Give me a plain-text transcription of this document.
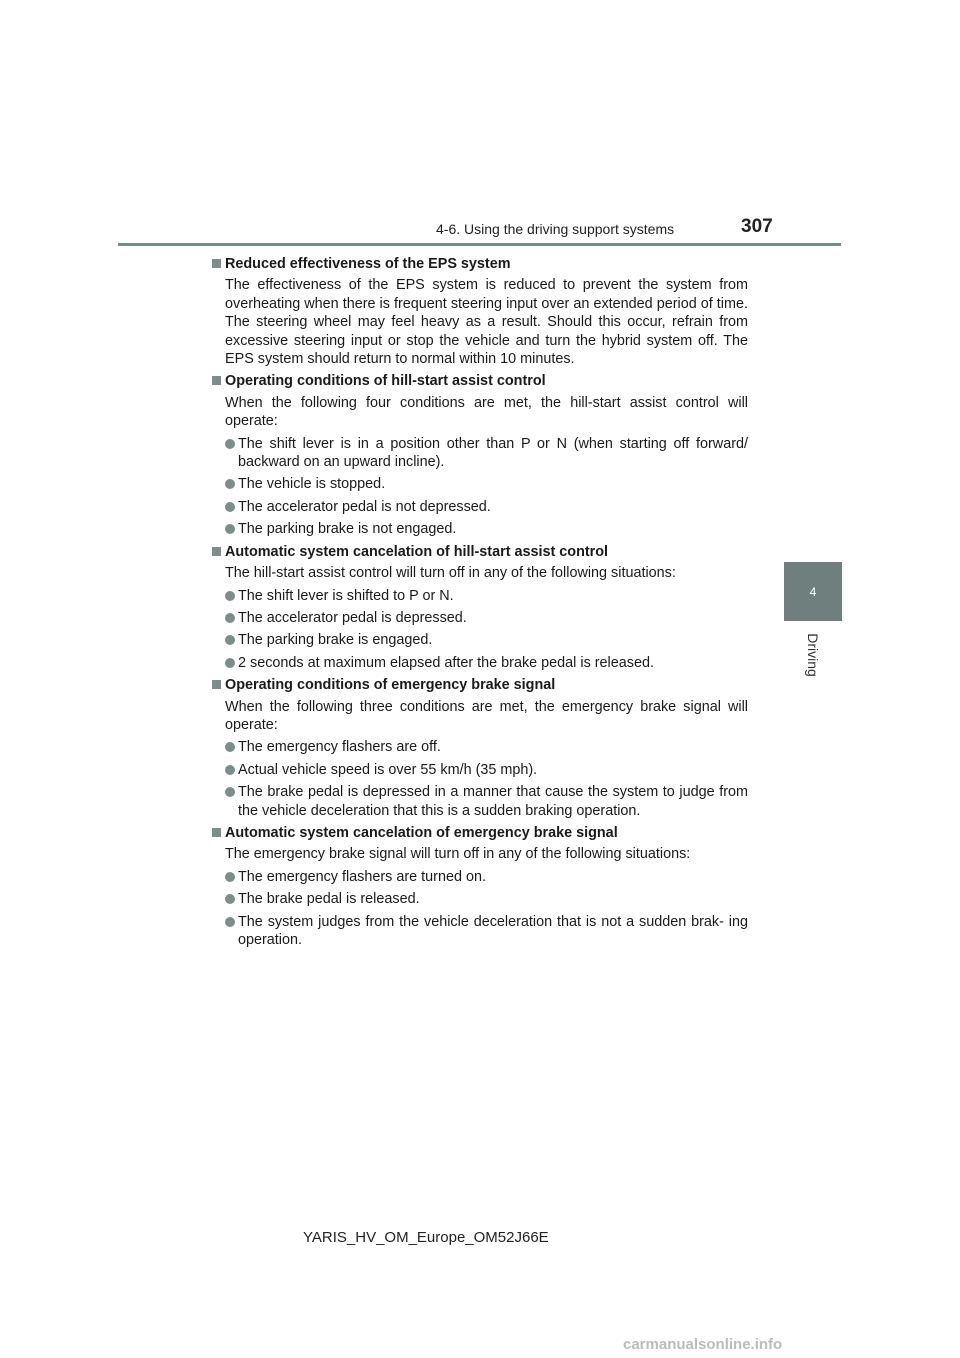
4-6. Using the driving support systems	307
4
Driving
Reduced effectiveness of the EPS system
The effectiveness of the EPS system is reduced to prevent the system from overheating when there is frequent steering input over an extended period of time. The steering wheel may feel heavy as a result. Should this occur, refrain from excessive steering input or stop the vehicle and turn the hybrid system off. The EPS system should return to normal within 10 minutes.
Operating conditions of hill-start assist control
When the following four conditions are met, the hill-start assist control will operate:
The shift lever is in a position other than P or N (when starting off forward/ backward on an upward incline).
The vehicle is stopped.
The accelerator pedal is not depressed.
The parking brake is not engaged.
Automatic system cancelation of hill-start assist control
The hill-start assist control will turn off in any of the following situations:
The shift lever is shifted to P or N.
The accelerator pedal is depressed.
The parking brake is engaged.
2 seconds at maximum elapsed after the brake pedal is released.
Operating conditions of emergency brake signal
When the following three conditions are met, the emergency brake signal will operate:
The emergency flashers are off.
Actual vehicle speed is over 55 km/h (35 mph).
The brake pedal is depressed in a manner that cause the system to judge from the vehicle deceleration that this is a sudden braking operation.
Automatic system cancelation of emergency brake signal
The emergency brake signal will turn off in any of the following situations:
The emergency flashers are turned on.
The brake pedal is released.
The system judges from the vehicle deceleration that is not a sudden brak- ing operation.
YARIS_HV_OM_Europe_OM52J66E
carmanualsonline.info
